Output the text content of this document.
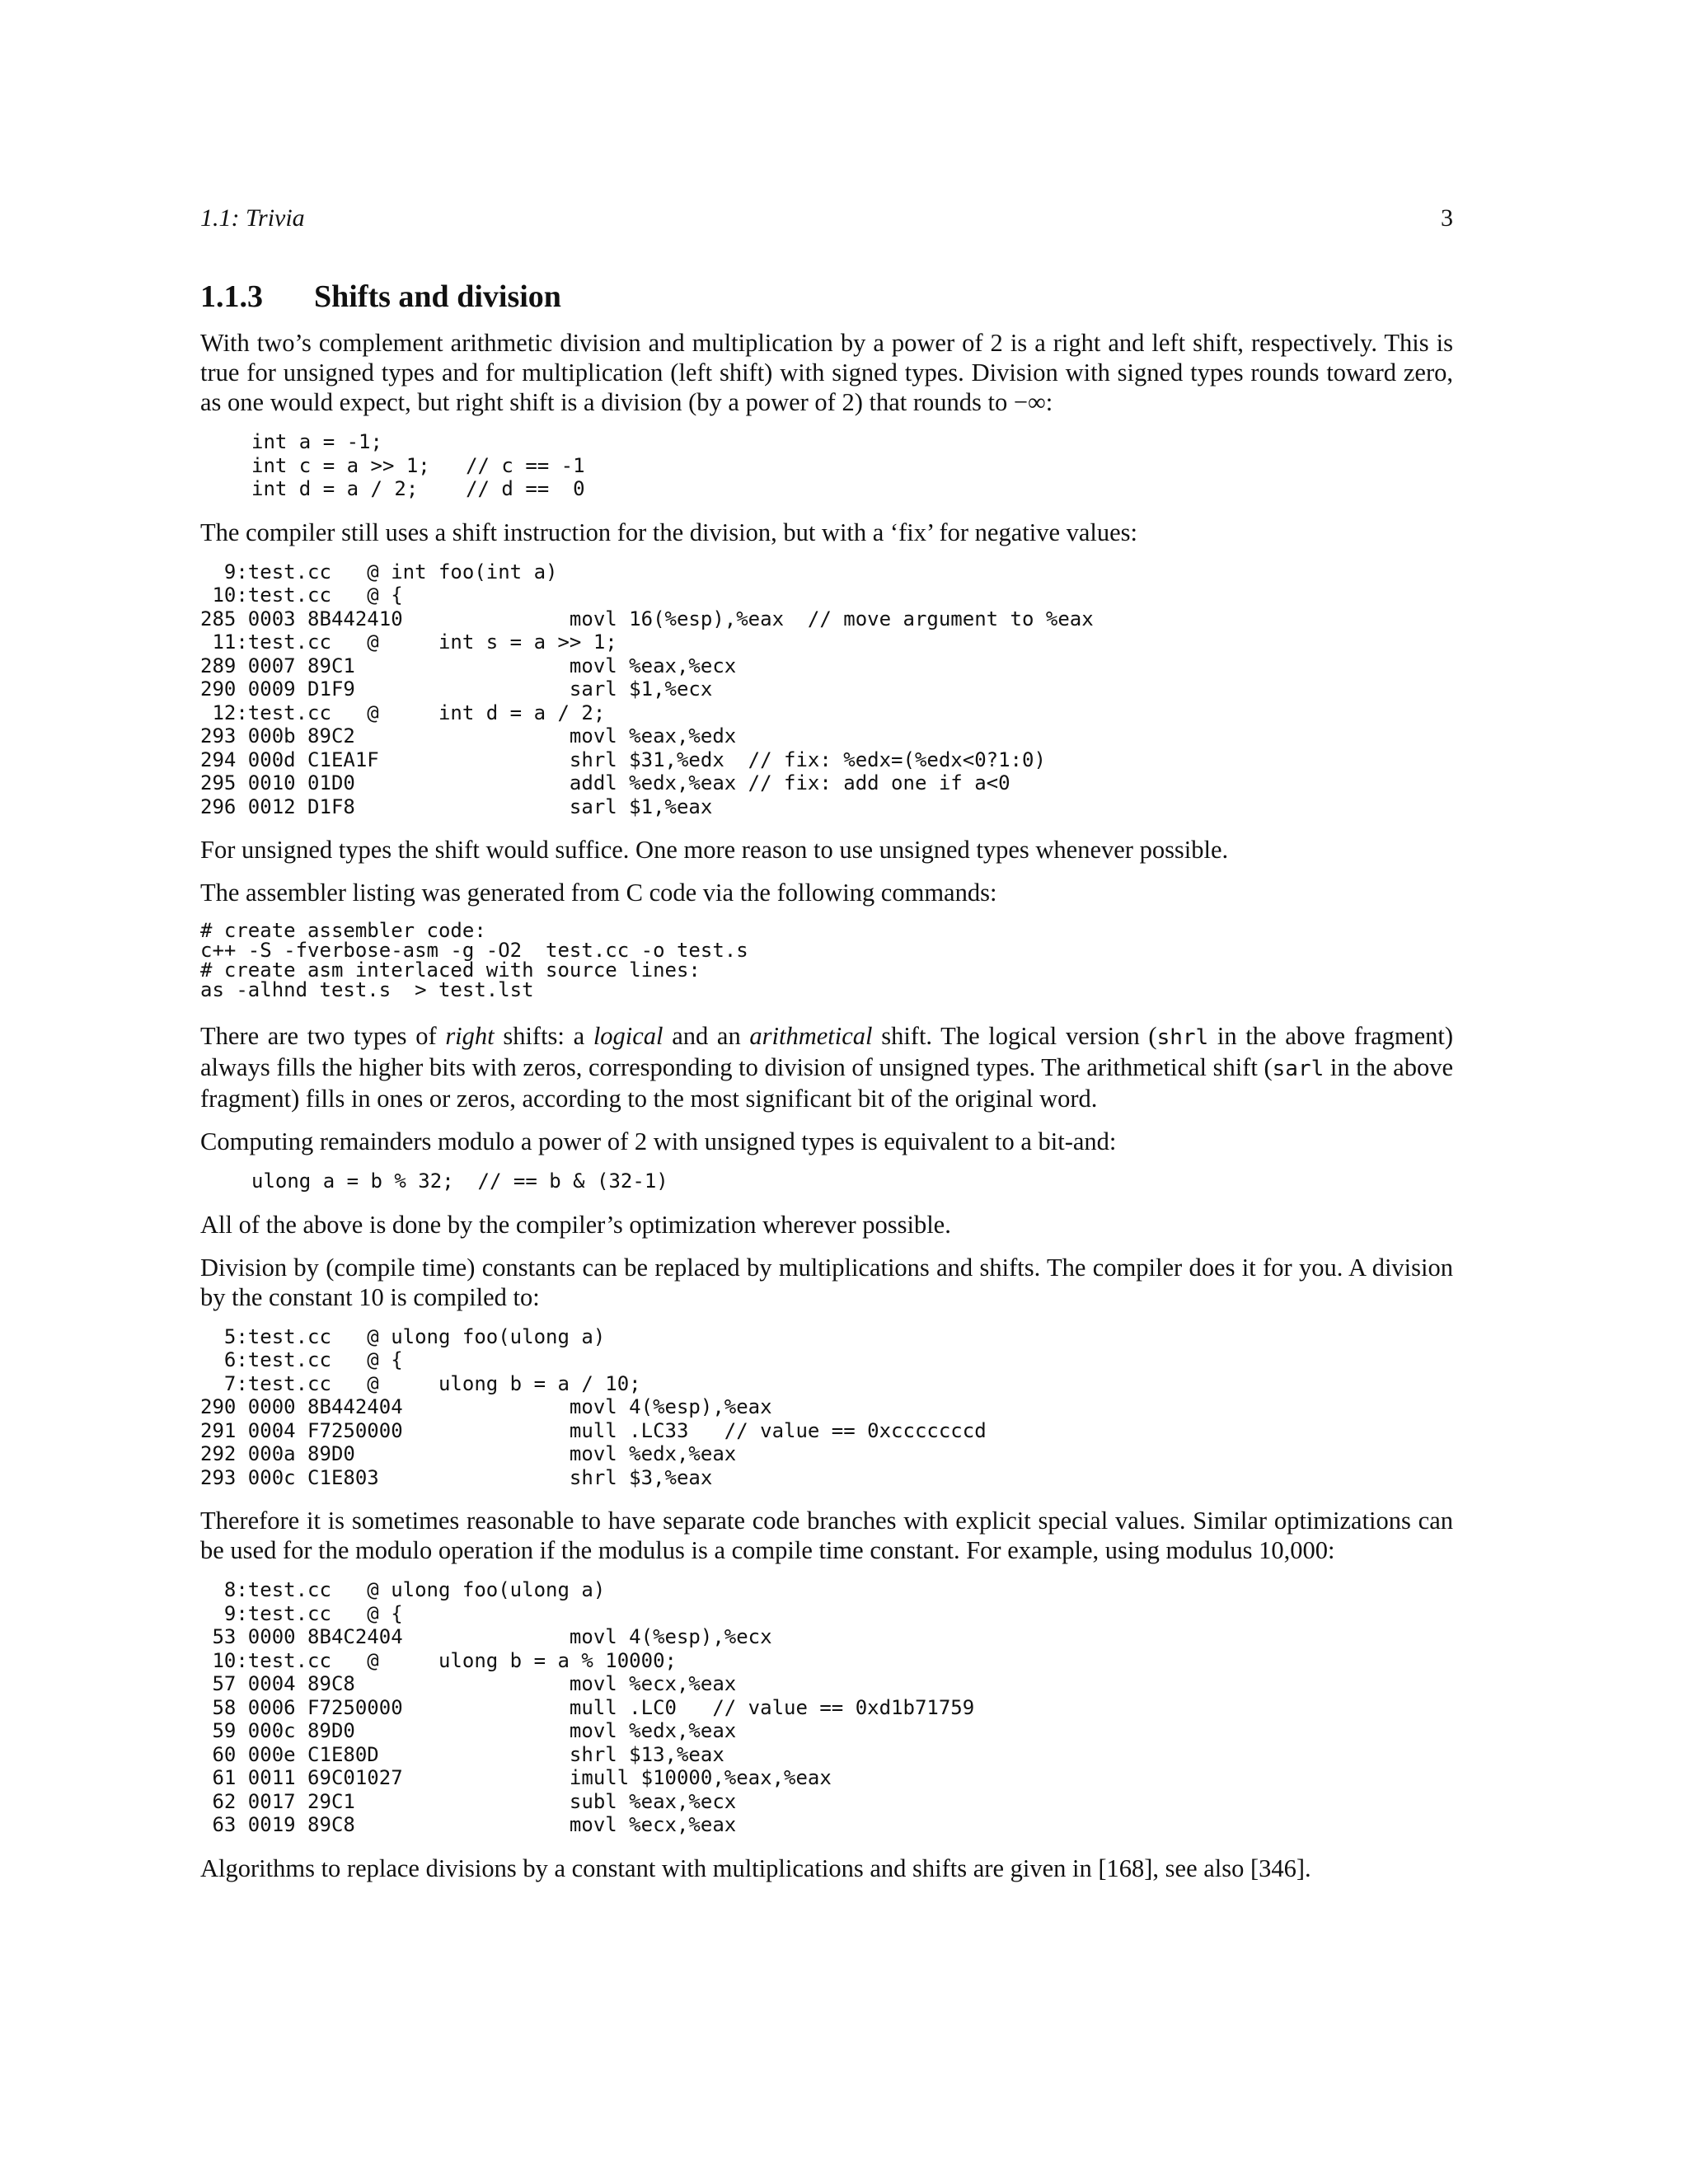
1.1: Trivia	3
1.1.3 Shifts and division

With two’s complement arithmetic division and multiplication by a power of 2 is a right and left shift, respectively. This is true for unsigned types and for multiplication (left shift) with signed types. Division with signed types rounds toward zero, as one would expect, but right shift is a division (by a power of 2) that rounds to −∞:

int a = -1;
int c = a >> 1;   // c == -1
int d = a / 2;    // d ==  0

The compiler still uses a shift instruction for the division, but with a ‘fix’ for negative values:

9:test.cc   @ int foo(int a)
10:test.cc   @ {
285 0003 8B442410              movl 16(%esp),%eax  // move argument to %eax
11:test.cc   @     int s = a >> 1;
289 0007 89C1                  movl %eax,%ecx
290 0009 D1F9                  sarl $1,%ecx
12:test.cc   @     int d = a / 2;
293 000b 89C2                  movl %eax,%edx
294 000d C1EA1F                shrl $31,%edx  // fix: %edx=(%edx<0?1:0)
295 0010 01D0                  addl %edx,%eax // fix: add one if a<0
296 0012 D1F8                  sarl $1,%eax

For unsigned types the shift would suffice. One more reason to use unsigned types whenever possible.

The assembler listing was generated from C code via the following commands:

# create assembler code:
c++ -S -fverbose-asm -g -O2  test.cc -o test.s
# create asm interlaced with source lines:
as -alhnd test.s  > test.lst

There are two types of right shifts: a logical and an arithmetical shift. The logical version (shrl in the above fragment) always fills the higher bits with zeros, corresponding to division of unsigned types. The arithmetical shift (sarl in the above fragment) fills in ones or zeros, according to the most significant bit of the original word.

Computing remainders modulo a power of 2 with unsigned types is equivalent to a bit-and:

ulong a = b % 32;  // == b & (32-1)

All of the above is done by the compiler’s optimization wherever possible.

Division by (compile time) constants can be replaced by multiplications and shifts. The compiler does it for you. A division by the constant 10 is compiled to:

5:test.cc   @ ulong foo(ulong a)
6:test.cc   @ {
7:test.cc   @     ulong b = a / 10;
290 0000 8B442404              movl 4(%esp),%eax
291 0004 F7250000              mull .LC33   // value == 0xcccccccd
292 000a 89D0                  movl %edx,%eax
293 000c C1E803                shrl $3,%eax

Therefore it is sometimes reasonable to have separate code branches with explicit special values. Similar optimizations can be used for the modulo operation if the modulus is a compile time constant. For example, using modulus 10,000:

8:test.cc   @ ulong foo(ulong a)
9:test.cc   @ {
53 0000 8B4C2404              movl 4(%esp),%ecx
10:test.cc   @     ulong b = a % 10000;
57 0004 89C8                  movl %ecx,%eax
58 0006 F7250000              mull .LC0   // value == 0xd1b71759
59 000c 89D0                  movl %edx,%eax
60 000e C1E80D                shrl $13,%eax
61 0011 69C01027              imull $10000,%eax,%eax
62 0017 29C1                  subl %eax,%ecx
63 0019 89C8                  movl %ecx,%eax

Algorithms to replace divisions by a constant with multiplications and shifts are given in [168], see also [346].
